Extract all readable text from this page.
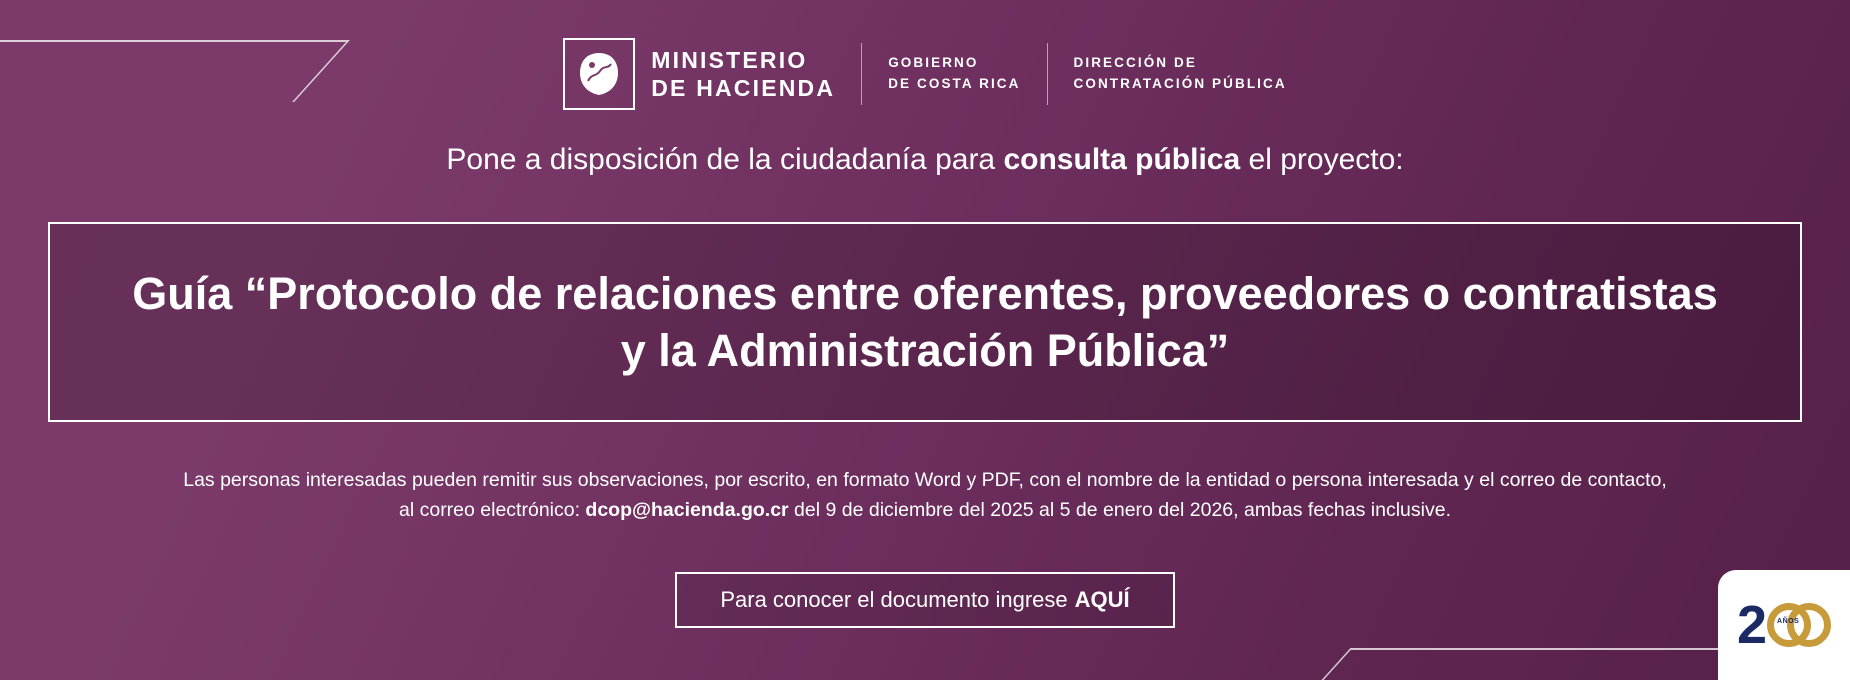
MINISTERIO
DE HACIENDA
GOBIERNO
DE COSTA RICA
DIRECCIÓN DE
CONTRATACIÓN PÚBLICA
Pone a disposición de la ciudadanía para consulta pública el proyecto:
Guía “Protocolo de relaciones entre oferentes, proveedores o contratistas
y la Administración Pública”
Las personas interesadas pueden remitir sus observaciones, por escrito, en formato Word y PDF, con el nombre de la entidad o persona interesada y el correo de contacto,
al correo electrónico: dcop@hacienda.go.cr del 9 de diciembre del 2025 al 5 de enero del 2026, ambas fechas inclusive.
Para conocer el documento ingrese AQUÍ	2 AÑOS
